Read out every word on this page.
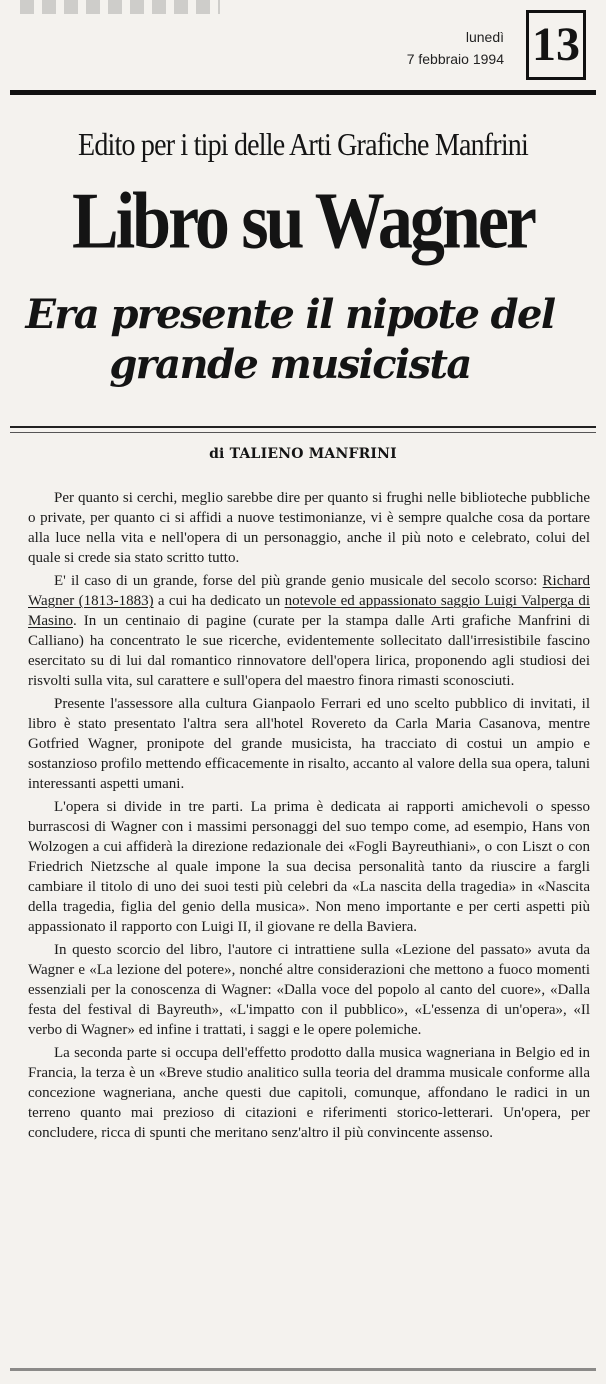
lunedì
7 febbraio 1994 13
Edito per i tipi delle Arti Grafiche Manfrini
Libro su Wagner
Era presente il nipote del grande musicista
di TALIENO MANFRINI

Per quanto si cerchi, meglio sarebbe dire per quanto si frughi nelle biblioteche pubbliche o private, per quanto ci si affidi a nuove testimonianze, vi è sempre qualche cosa da portare alla luce nella vita e nell'opera di un personaggio, anche il più noto e celebrato, colui del quale si crede sia stato scritto tutto.

E' il caso di un grande, forse del più grande genio musicale del secolo scorso: Richard Wagner (1813-1883) a cui ha dedicato un notevole ed appassionato saggio Luigi Valperga di Masino. In un centinaio di pagine (curate per la stampa dalle Arti grafiche Manfrini di Calliano) ha concentrato le sue ricerche, evidentemente sollecitato dall'irresistibile fascino esercitato su di lui dal romantico rinnovatore dell'opera lirica, proponendo agli studiosi dei risvolti sulla vita, sul carattere e sull'opera del maestro finora rimasti sconosciuti.

Presente l'assessore alla cultura Gianpaolo Ferrari ed uno scelto pubblico di invitati, il libro è stato presentato l'altra sera all'hotel Rovereto da Carla Maria Casanova, mentre Gotfried Wagner, pronipote del grande musicista, ha tracciato di costui un ampio e sostanzioso profilo mettendo efficacemente in risalto, accanto al valore della sua opera, taluni interessanti aspetti umani.

L'opera si divide in tre parti. La prima è dedicata ai rapporti amichevoli o spesso burrascosi di Wagner con i massimi personaggi del suo tempo come, ad esempio, Hans von Wolzogen a cui affiderà la direzione redazionale dei «Fogli Bayreuthiani», o con Liszt o con Friedrich Nietzsche al quale impone la sua decisa personalità tanto da riuscire a fargli cambiare il titolo di uno dei suoi testi più celebri da «La nascita della tragedia» in «Nascita della tragedia, figlia del genio della musica». Non meno importante e per certi aspetti più appassionato il rapporto con Luigi II, il giovane re della Baviera.

In questo scorcio del libro, l'autore ci intrattiene sulla «Lezione del passato» avuta da Wagner e «La lezione del potere», nonché altre considerazioni che mettono a fuoco momenti essenziali per la conoscenza di Wagner: «Dalla voce del popolo al canto del cuore», «Dalla festa del festival di Bayreuth», «L'impatto con il pubblico», «L'essenza di un'opera», «Il verbo di Wagner» ed infine i trattati, i saggi e le opere polemiche.

La seconda parte si occupa dell'effetto prodotto dalla musica wagneriana in Belgio ed in Francia, la terza è un «Breve studio analitico sulla teoria del dramma musicale conforme alla concezione wagneriana, anche questi due capitoli, comunque, affondano le radici in un terreno quanto mai prezioso di citazioni e riferimenti storico-letterari. Un'opera, per concludere, ricca di spunti che meritano senz'altro il più convincente assenso.
